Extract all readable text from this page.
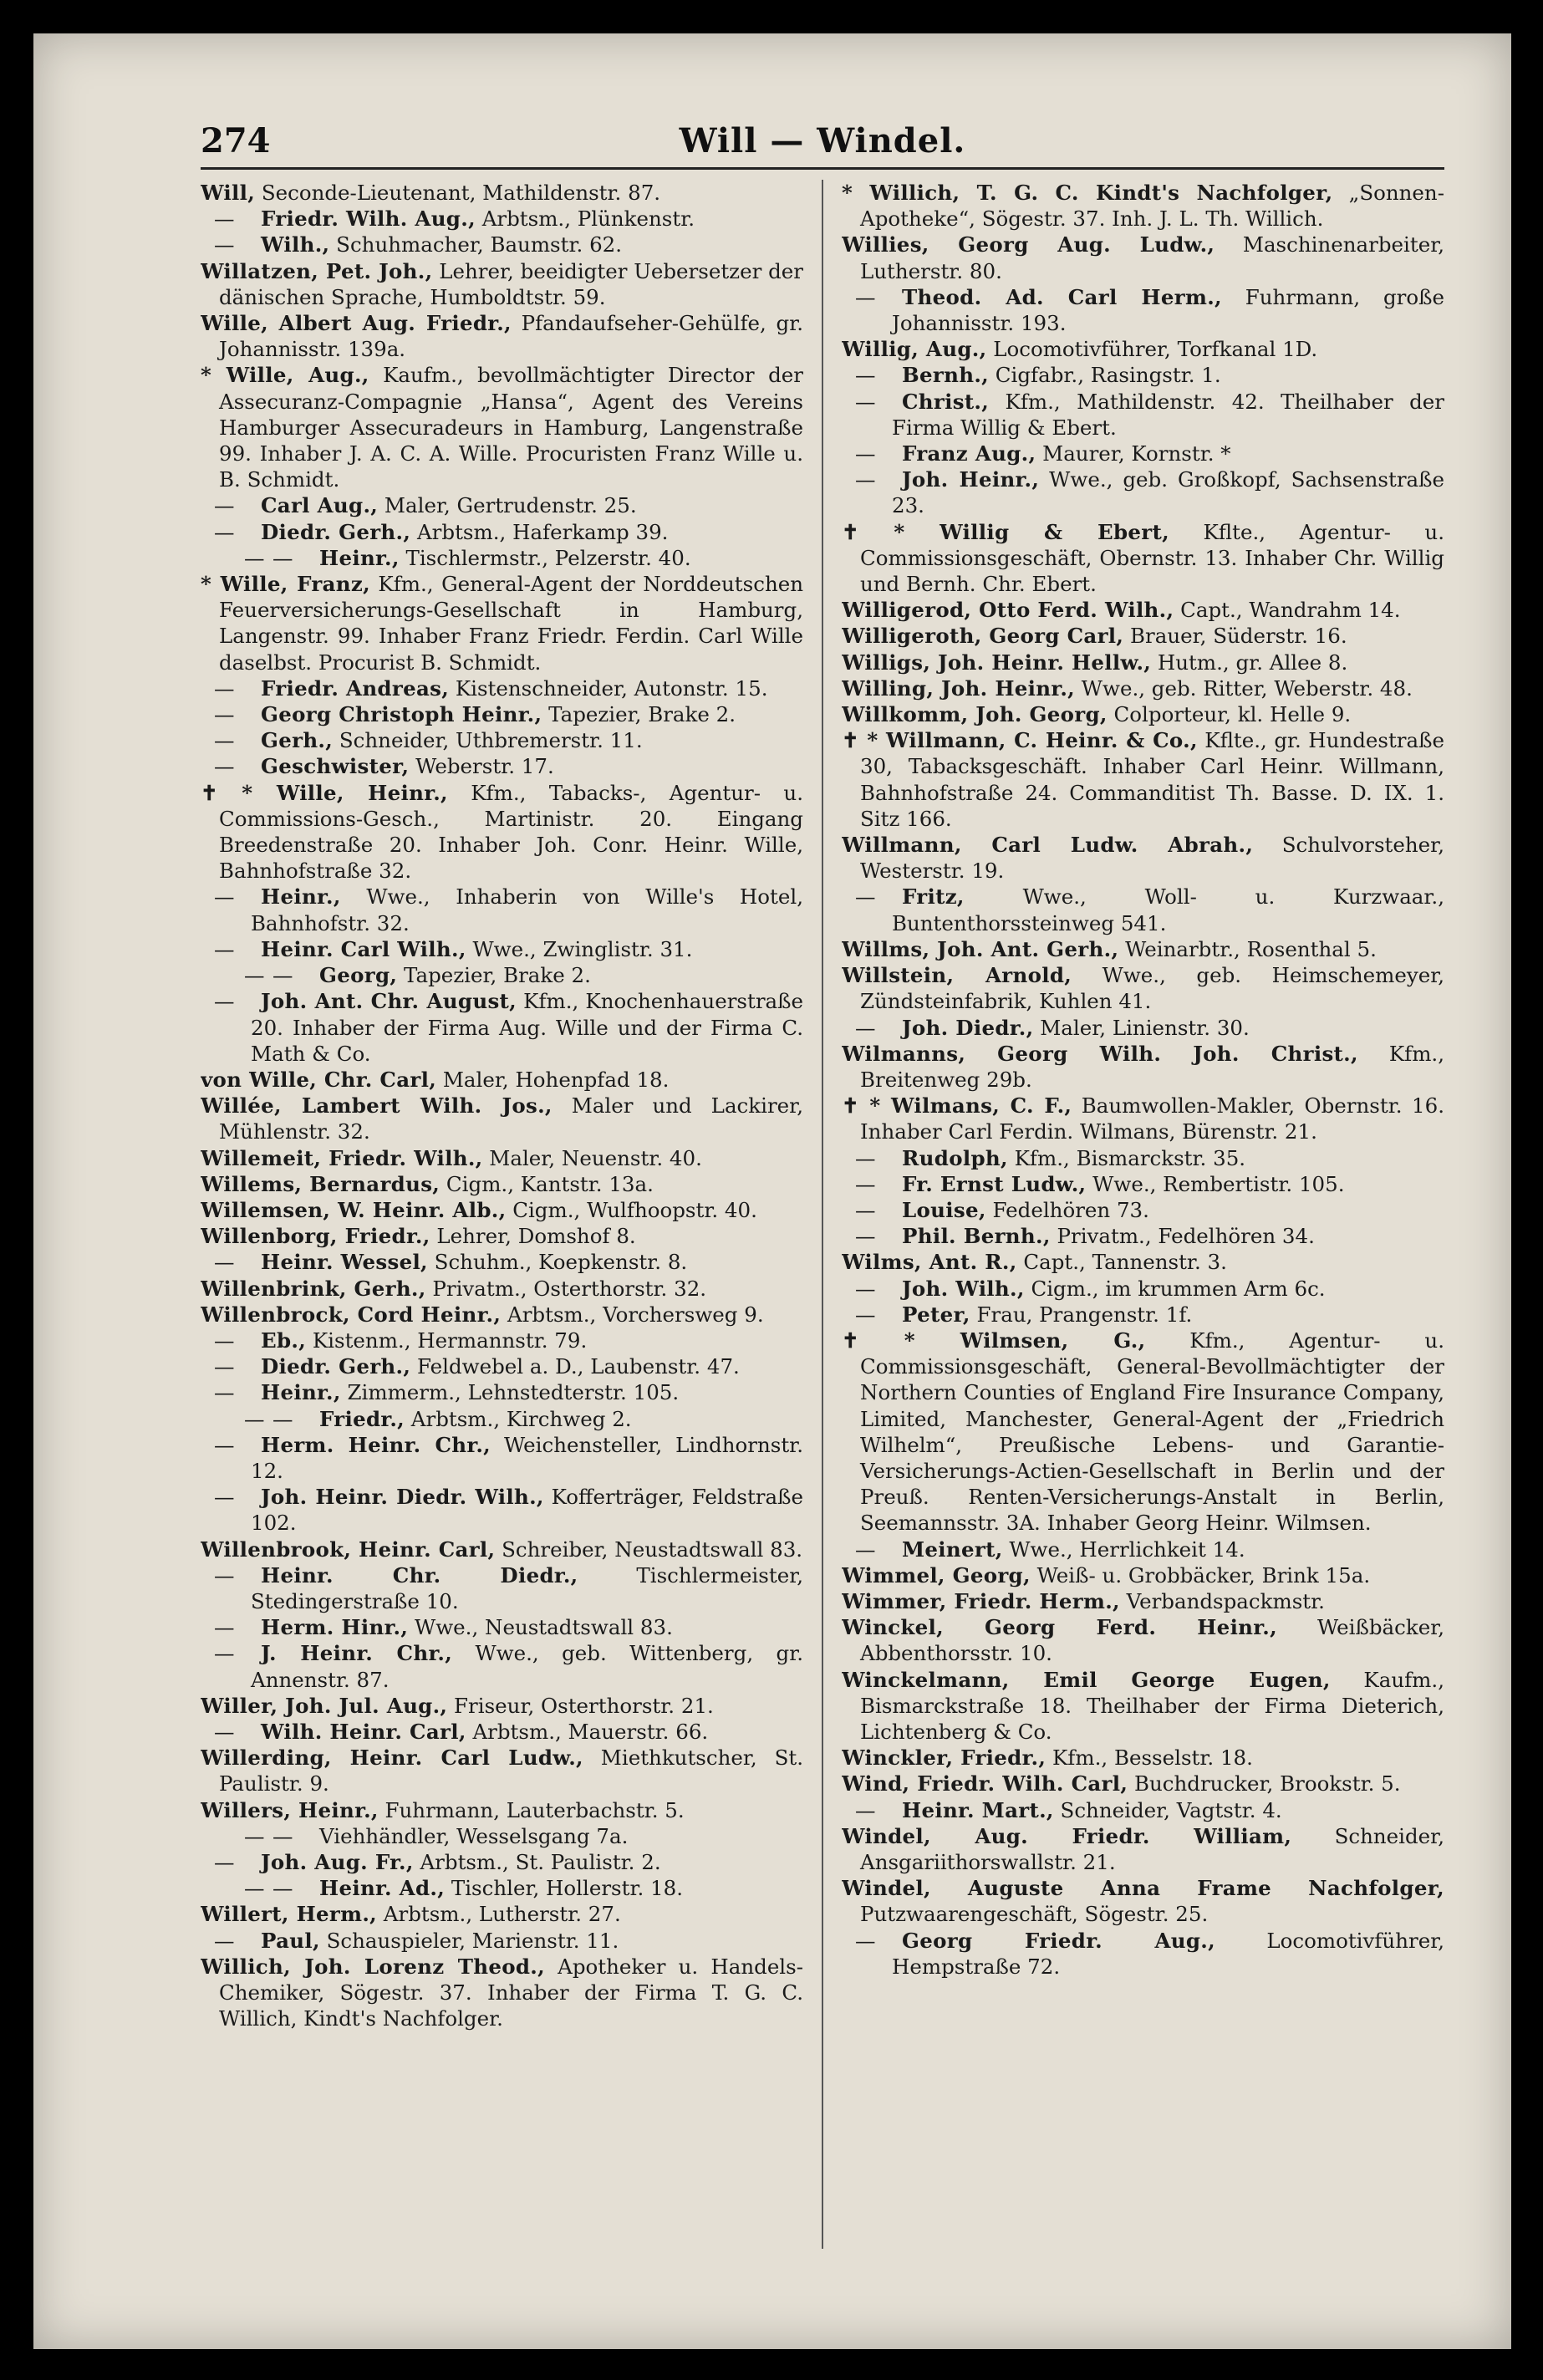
274	Will — Windel.

Will, Seconde-Lieutenant, Mathildenstr. 87.

— Friedr. Wilh. Aug., Arbtsm., Plünkenstr.

— Wilh., Schuhmacher, Baumstr. 62.

Willatzen, Pet. Joh., Lehrer, beeidigter Uebersetzer der dänischen Sprache, Humboldtstr. 59.

Wille, Albert Aug. Friedr., Pfandaufseher-Gehülfe, gr. Johannisstr. 139a.

* Wille, Aug., Kaufm., bevollmächtigter Director der Assecuranz-Compagnie „Hansa“, Agent des Vereins Hamburger Assecuradeurs in Hamburg, Langenstraße 99. Inhaber J. A. C. A. Wille. Procuristen Franz Wille u. B. Schmidt.

— Carl Aug., Maler, Gertrudenstr. 25.

— Diedr. Gerh., Arbtsm., Haferkamp 39.

— — Heinr., Tischlermstr., Pelzerstr. 40.

* Wille, Franz, Kfm., General-Agent der Norddeutschen Feuerversicherungs-Gesellschaft in Hamburg, Langenstr. 99. Inhaber Franz Friedr. Ferdin. Carl Wille daselbst. Procurist B. Schmidt.

— Friedr. Andreas, Kistenschneider, Autonstr. 15.

— Georg Christoph Heinr., Tapezier, Brake 2.

— Gerh., Schneider, Uthbremerstr. 11.

— Geschwister, Weberstr. 17.

✝ * Wille, Heinr., Kfm., Tabacks-, Agentur- u. Commissions-Gesch., Martinistr. 20. Eingang Breedenstraße 20. Inhaber Joh. Conr. Heinr. Wille, Bahnhofstraße 32.

— Heinr., Wwe., Inhaberin von Wille's Hotel, Bahnhofstr. 32.

— Heinr. Carl Wilh., Wwe., Zwinglistr. 31.

— — Georg, Tapezier, Brake 2.

— Joh. Ant. Chr. August, Kfm., Knochenhauerstraße 20. Inhaber der Firma Aug. Wille und der Firma C. Math & Co.

von Wille, Chr. Carl, Maler, Hohenpfad 18.

Willée, Lambert Wilh. Jos., Maler und Lackirer, Mühlenstr. 32.

Willemeit, Friedr. Wilh., Maler, Neuenstr. 40.

Willems, Bernardus, Cigm., Kantstr. 13a.

Willemsen, W. Heinr. Alb., Cigm., Wulfhoopstr. 40.

Willenborg, Friedr., Lehrer, Domshof 8.

— Heinr. Wessel, Schuhm., Koepkenstr. 8.

Willenbrink, Gerh., Privatm., Osterthorstr. 32.

Willenbrock, Cord Heinr., Arbtsm., Vorchersweg 9.

— Eb., Kistenm., Hermannstr. 79.

— Diedr. Gerh., Feldwebel a. D., Laubenstr. 47.

— Heinr., Zimmerm., Lehnstedterstr. 105.

— — Friedr., Arbtsm., Kirchweg 2.

— Herm. Heinr. Chr., Weichensteller, Lindhornstr. 12.

— Joh. Heinr. Diedr. Wilh., Kofferträger, Feldstraße 102.

Willenbrook, Heinr. Carl, Schreiber, Neustadtswall 83.

— Heinr. Chr. Diedr., Tischlermeister, Stedingerstraße 10.

— Herm. Hinr., Wwe., Neustadtswall 83.

— J. Heinr. Chr., Wwe., geb. Wittenberg, gr. Annenstr. 87.

Willer, Joh. Jul. Aug., Friseur, Osterthorstr. 21.

— Wilh. Heinr. Carl, Arbtsm., Mauerstr. 66.

Willerding, Heinr. Carl Ludw., Miethkutscher, St. Paulistr. 9.

Willers, Heinr., Fuhrmann, Lauterbachstr. 5.

— — Viehhändler, Wesselsgang 7a.

— Joh. Aug. Fr., Arbtsm., St. Paulistr. 2.

— — Heinr. Ad., Tischler, Hollerstr. 18.

Willert, Herm., Arbtsm., Lutherstr. 27.

— Paul, Schauspieler, Marienstr. 11.

Willich, Joh. Lorenz Theod., Apotheker u. Handels-Chemiker, Sögestr. 37. Inhaber der Firma T. G. C. Willich, Kindt's Nachfolger.

* Willich, T. G. C. Kindt's Nachfolger, „Sonnen-Apotheke“, Sögestr. 37. Inh. J. L. Th. Willich.

Willies, Georg Aug. Ludw., Maschinenarbeiter, Lutherstr. 80.

— Theod. Ad. Carl Herm., Fuhrmann, große Johannisstr. 193.

Willig, Aug., Locomotivführer, Torfkanal 1D.

— Bernh., Cigfabr., Rasingstr. 1.

— Christ., Kfm., Mathildenstr. 42. Theilhaber der Firma Willig & Ebert.

— Franz Aug., Maurer, Kornstr. *

— Joh. Heinr., Wwe., geb. Großkopf, Sachsenstraße 23.

✝ * Willig & Ebert, Kflte., Agentur- u. Commissionsgeschäft, Obernstr. 13. Inhaber Chr. Willig und Bernh. Chr. Ebert.

Willigerod, Otto Ferd. Wilh., Capt., Wandrahm 14.

Willigeroth, Georg Carl, Brauer, Süderstr. 16.

Willigs, Joh. Heinr. Hellw., Hutm., gr. Allee 8.

Willing, Joh. Heinr., Wwe., geb. Ritter, Weberstr. 48.

Willkomm, Joh. Georg, Colporteur, kl. Helle 9.

✝ * Willmann, C. Heinr. & Co., Kflte., gr. Hundestraße 30, Tabacksgeschäft. Inhaber Carl Heinr. Willmann, Bahnhofstraße 24. Commanditist Th. Basse. D. IX. 1. Sitz 166.

Willmann, Carl Ludw. Abrah., Schulvorsteher, Westerstr. 19.

— Fritz, Wwe., Woll- u. Kurzwaar., Buntenthorssteinweg 541.

Willms, Joh. Ant. Gerh., Weinarbtr., Rosenthal 5.

Willstein, Arnold, Wwe., geb. Heimschemeyer, Zündsteinfabrik, Kuhlen 41.

— Joh. Diedr., Maler, Linienstr. 30.

Wilmanns, Georg Wilh. Joh. Christ., Kfm., Breitenweg 29b.

✝ * Wilmans, C. F., Baumwollen-Makler, Obernstr. 16. Inhaber Carl Ferdin. Wilmans, Bürenstr. 21.

— Rudolph, Kfm., Bismarckstr. 35.

— Fr. Ernst Ludw., Wwe., Rembertistr. 105.

— Louise, Fedelhören 73.

— Phil. Bernh., Privatm., Fedelhören 34.

Wilms, Ant. R., Capt., Tannenstr. 3.

— Joh. Wilh., Cigm., im krummen Arm 6c.

— Peter, Frau, Prangenstr. 1f.

✝ * Wilmsen, G., Kfm., Agentur- u. Commissionsgeschäft, General-Bevollmächtigter der Northern Counties of England Fire Insurance Company, Limited, Manchester, General-Agent der „Friedrich Wilhelm“, Preußische Lebens- und Garantie-Versicherungs-Actien-Gesellschaft in Berlin und der Preuß. Renten-Versicherungs-Anstalt in Berlin, Seemannsstr. 3A. Inhaber Georg Heinr. Wilmsen.

— Meinert, Wwe., Herrlichkeit 14.

Wimmel, Georg, Weiß- u. Grobbäcker, Brink 15a.

Wimmer, Friedr. Herm., Verbandspackmstr.

Winckel, Georg Ferd. Heinr., Weißbäcker, Abbenthorsstr. 10.

Winckelmann, Emil George Eugen, Kaufm., Bismarckstraße 18. Theilhaber der Firma Dieterich, Lichtenberg & Co.

Winckler, Friedr., Kfm., Besselstr. 18.

Wind, Friedr. Wilh. Carl, Buchdrucker, Brookstr. 5.

— Heinr. Mart., Schneider, Vagtstr. 4.

Windel, Aug. Friedr. William, Schneider, Ansgariithorswallstr. 21.

Windel, Auguste Anna Frame Nachfolger, Putzwaarengeschäft, Sögestr. 25.

— Georg Friedr. Aug., Locomotivführer, Hempstraße 72.
